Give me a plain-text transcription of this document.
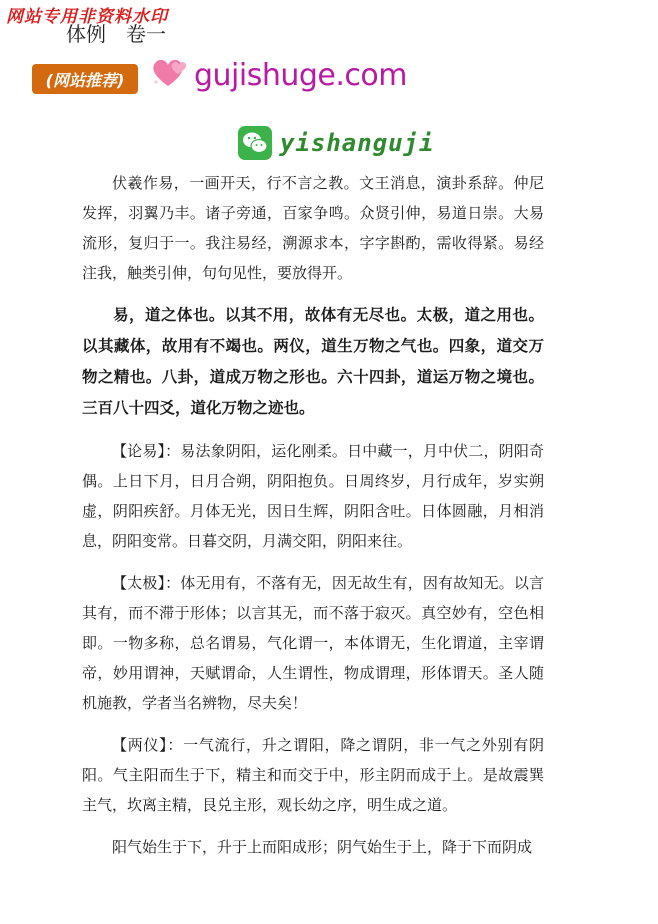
网站专用非资料水印
体例　卷一
(网站推荐)	gujishuge.com
yishanguji

伏羲作易，一画开天，行不言之教。文王消息，演卦系辞。仲尼发挥，羽翼乃丰。诸子旁通，百家争鸣。众贤引伸，易道日崇。大易流形，复归于一。我注易经，溯源求本，字字斟酌，需收得紧。易经注我，触类引伸，句句见性，要放得开。

易，道之体也。以其不用，故体有无尽也。太极，道之用也。以其藏体，故用有不竭也。两仪，道生万物之气也。四象，道交万物之精也。八卦，道成万物之形也。六十四卦，道运万物之境也。三百八十四爻，道化万物之迹也。

【论易】：易法象阴阳，运化刚柔。日中藏一，月中伏二，阴阳奇偶。上日下月，日月合朔，阴阳抱负。日周终岁，月行成年，岁实朔虚，阴阳疾舒。月体无光，因日生辉，阴阳含吐。日体圆融，月相消息，阴阳变常。日暮交阴，月满交阳，阴阳来往。

【太极】：体无用有，不落有无，因无故生有，因有故知无。以言其有，而不滞于形体；以言其无，而不落于寂灭。真空妙有，空色相即。一物多称，总名谓易，气化谓一，本体谓无，生化谓道，主宰谓帝，妙用谓神，天赋谓命，人生谓性，物成谓理，形体谓天。圣人随机施教，学者当名辨物，尽夫矣！

【两仪】：一气流行，升之谓阳，降之谓阴，非一气之外别有阴阳。气主阳而生于下，精主和而交于中，形主阴而成于上。是故震巽主气，坎离主精，艮兑主形，观长幼之序，明生成之道。

阳气始生于下，升于上而阳成形；阴气始生于上，降于下而阴成
